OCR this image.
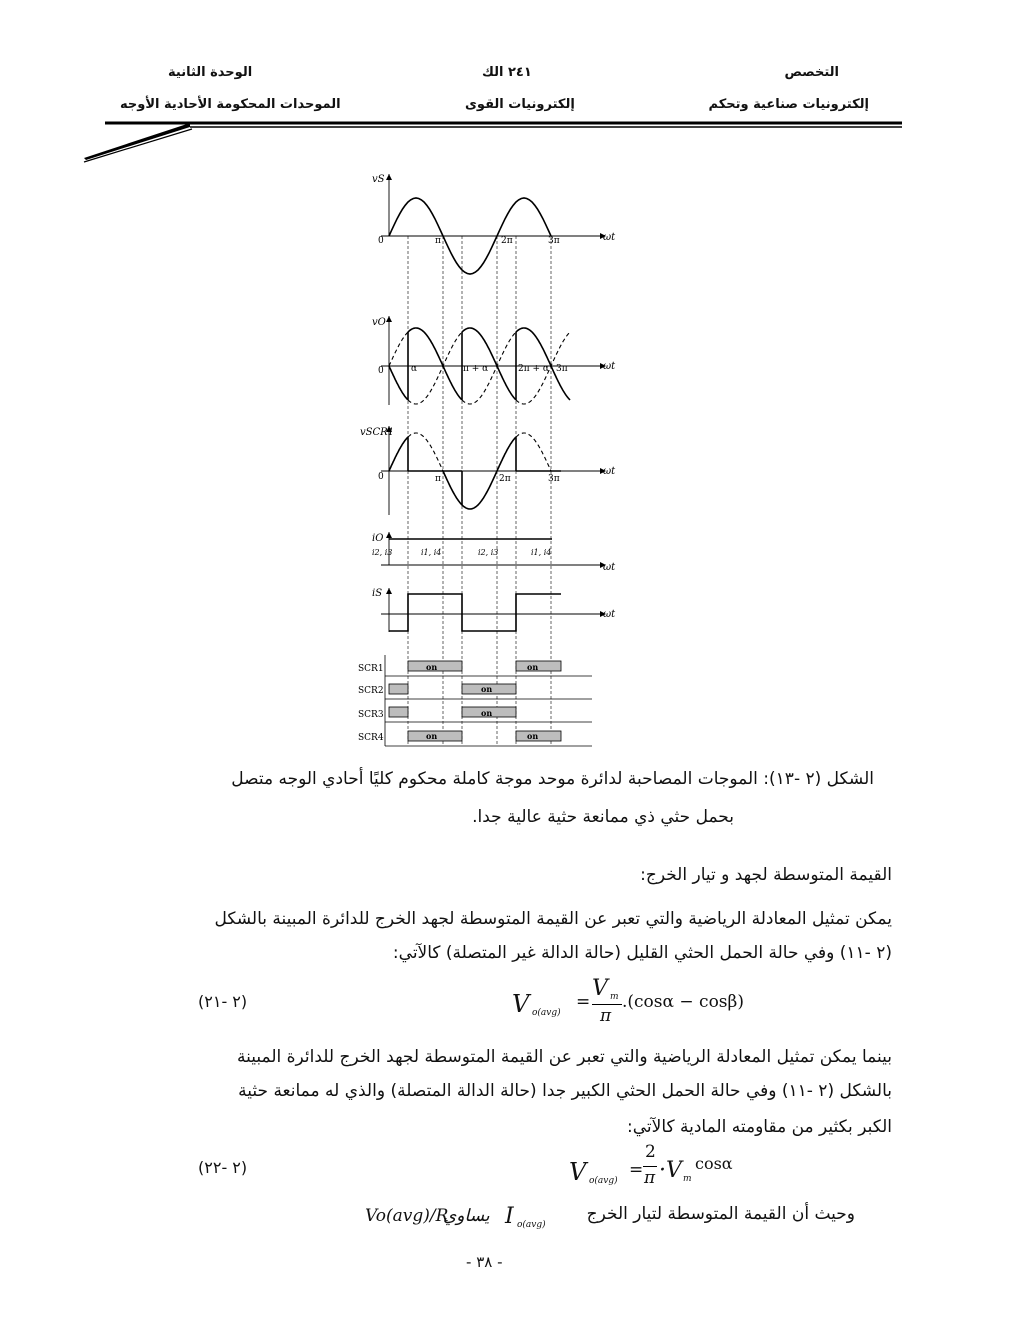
التخصص
إلكترونيات صناعية وتحكم
٢٤١ الك
إلكترونيات القوى
الوحدة الثانية
الموحدات المحكومة الأحادية الأوجه
vS
ωt
0	π	2π	3π
vO
ωt
0	α	π + α	2π + α 3π
vSCR1
ωt
0	π	2π	3π
iO
i2, i3	i1, i4	i2, i3	i1, i4
ωt
iS
ωt
SCR1
SCR2
SCR3
SCR4
on	on
on
on
on	on
الشكل (٢ -١٣): الموجات المصاحبة لدائرة موحد موجة كاملة محكوم كليًا أحادي الوجه متصل
بحمل حثي ذي ممانعة حثية عالية جدا.
القيمة المتوسطة لجهد و تيار الخرج:
يمكن تمثيل المعادلة الرياضية والتي تعبر عن القيمة المتوسطة لجهد الخرج للدائرة المبينة بالشكل
(٢ -١١) وفي حالة الحمل الحثي القليل (حالة الدالة غير المتصلة) كالآتي:
(٢ -٢١)	V o(avg)
=
V m
π
.(cosα − cosβ)
بينما يمكن تمثيل المعادلة الرياضية والتي تعبر عن القيمة المتوسطة لجهد الخرج للدائرة المبينة
بالشكل (٢ -١١) وفي حالة الحمل الحثي الكبير جدا (حالة الدالة المتصلة) والذي له ممانعة حثية
الكبر بكثير من مقاومته المادية كالآتي:
(٢ -٢٢)	V o(avg)
=
2
π ·V m
cosα
Vo(avg)/R
يساوي I o(avg)
وحيث أن القيمة المتوسطة لتيار الخرج
- ٣٨ -
